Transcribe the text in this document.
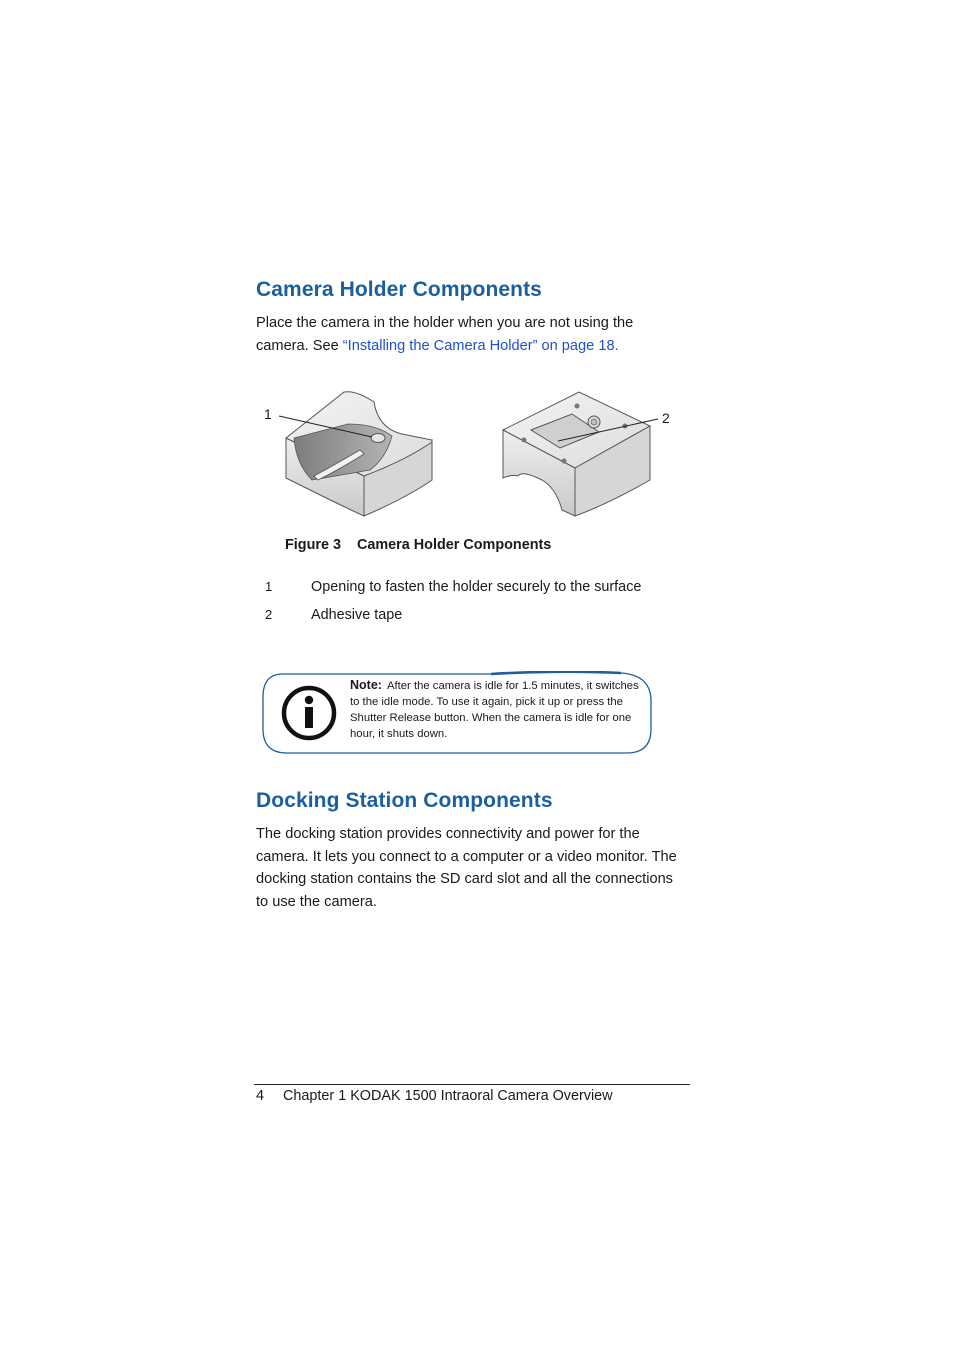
Camera Holder Components

Place the camera in the holder when you are not using the camera. See “Installing the Camera Holder” on page 18.

1	2
Figure 3 Camera Holder Components
1	Opening to fasten the holder securely to the surface
2	Adhesive tape
Note: After the camera is idle for 1.5 minutes, it switches to the idle mode. To use it again, pick it up or press the Shutter Release button. When the camera is idle for one hour, it shuts down.
Docking Station Components

The docking station provides connectivity and power for the camera. It lets you connect to a computer or a video monitor. The docking station contains the SD card slot and all the connections to use the camera.

4 Chapter 1 KODAK 1500 Intraoral Camera Overview
